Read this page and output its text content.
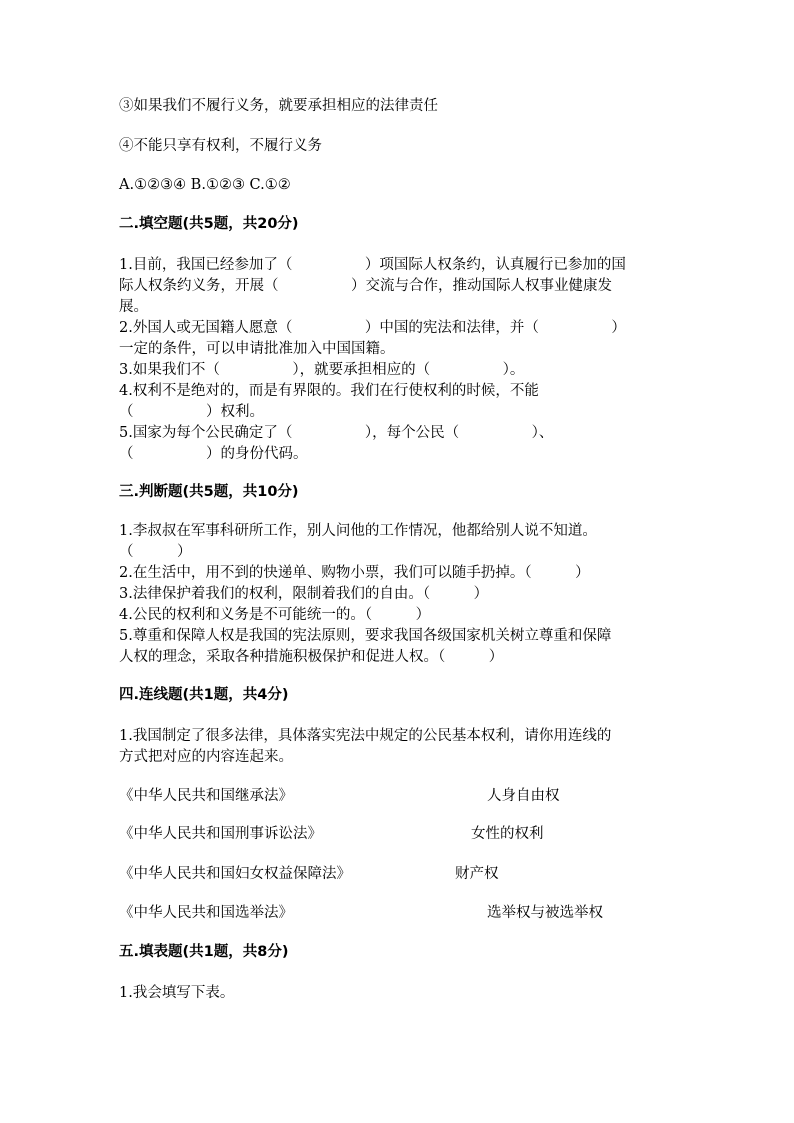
③如果我们不履行义务，就要承担相应的法律责任
④不能只享有权利，不履行义务
A.①②③④ B.①②③ C.①②
二.填空题(共5题，共20分)
1.目前，我国已经参加了（　　　　　）项国际人权条约，认真履行已参加的国
际人权条约义务，开展（　　　　　）交流与合作，推动国际人权事业健康发
展。
2.外国人或无国籍人愿意（　　　　　）中国的宪法和法律，并（　　　　　）
一定的条件，可以申请批准加入中国国籍。
3.如果我们不（　　　　　），就要承担相应的（　　　　　）。
4.权利不是绝对的，而是有界限的。我们在行使权利的时候，不能
（　　　　　）权利。
5.国家为每个公民确定了（　　　　　），每个公民（　　　　　）、
（　　　　　）的身份代码。
三.判断题(共5题，共10分)
1.李叔叔在军事科研所工作，别人问他的工作情况，他都给别人说不知道。
（　　　）
2.在生活中，用不到的快递单、购物小票，我们可以随手扔掉。（　　　）
3.法律保护着我们的权利，限制着我们的自由。（　　　）
4.公民的权利和义务是不可能统一的。（　　　）
5.尊重和保障人权是我国的宪法原则，要求我国各级国家机关树立尊重和保障
人权的理念，采取各种措施积极保护和促进人权。（　　　）
四.连线题(共1题，共4分)
1.我国制定了很多法律，具体落实宪法中规定的公民基本权利，请你用连线的
方式把对应的内容连起来。
《中华人民共和国继承法》	人身自由权
《中华人民共和国刑事诉讼法》	女性的权利
《中华人民共和国妇女权益保障法》	财产权
《中华人民共和国选举法》	选举权与被选举权
五.填表题(共1题，共8分)
1.我会填写下表。
